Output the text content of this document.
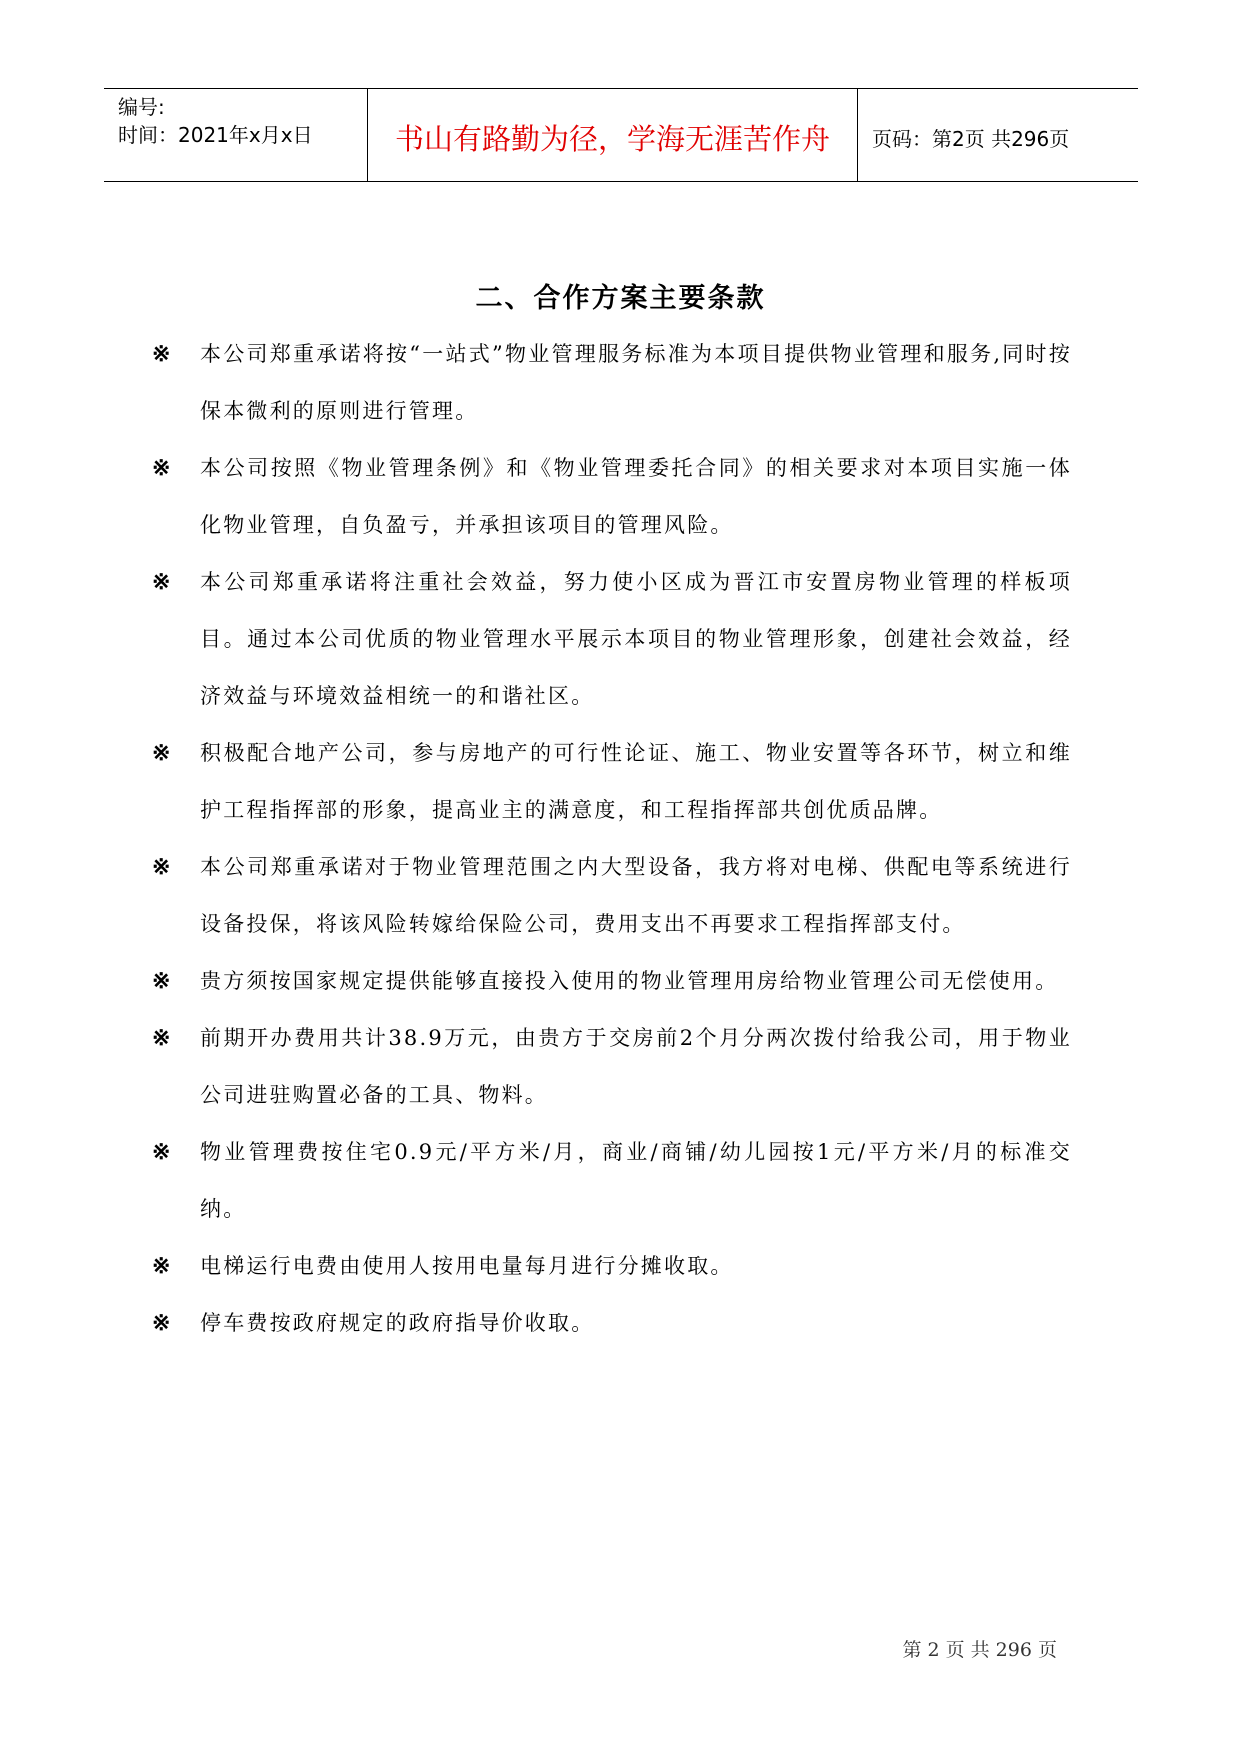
编号:
时间：2021年x月x日	书山有路勤为径，学海无涯苦作舟	页码：第2页 共296页
二、合作方案主要条款
※	本公司郑重承诺将按“一站式”物业管理服务标准为本项目提供物业管理和服务,同时按保本微利的原则进行管理。
※	本公司按照《物业管理条例》和《物业管理委托合同》的相关要求对本项目实施一体化物业管理，自负盈亏，并承担该项目的管理风险。
※	本公司郑重承诺将注重社会效益，努力使小区成为晋江市安置房物业管理的样板项目。通过本公司优质的物业管理水平展示本项目的物业管理形象，创建社会效益，经济效益与环境效益相统一的和谐社区。
※	积极配合地产公司，参与房地产的可行性论证、施工、物业安置等各环节，树立和维护工程指挥部的形象，提高业主的满意度，和工程指挥部共创优质品牌。
※	本公司郑重承诺对于物业管理范围之内大型设备，我方将对电梯、供配电等系统进行设备投保，将该风险转嫁给保险公司，费用支出不再要求工程指挥部支付。
※	贵方须按国家规定提供能够直接投入使用的物业管理用房给物业管理公司无偿使用。
※	前期开办费用共计38.9万元，由贵方于交房前2个月分两次拨付给我公司，用于物业公司进驻购置必备的工具、物料。
※	物业管理费按住宅0.9元/平方米/月，商业/商铺/幼儿园按1元/平方米/月的标准交纳。
※	电梯运行电费由使用人按用电量每月进行分摊收取。
※	停车费按政府规定的政府指导价收取。
第 2 页 共 296 页
